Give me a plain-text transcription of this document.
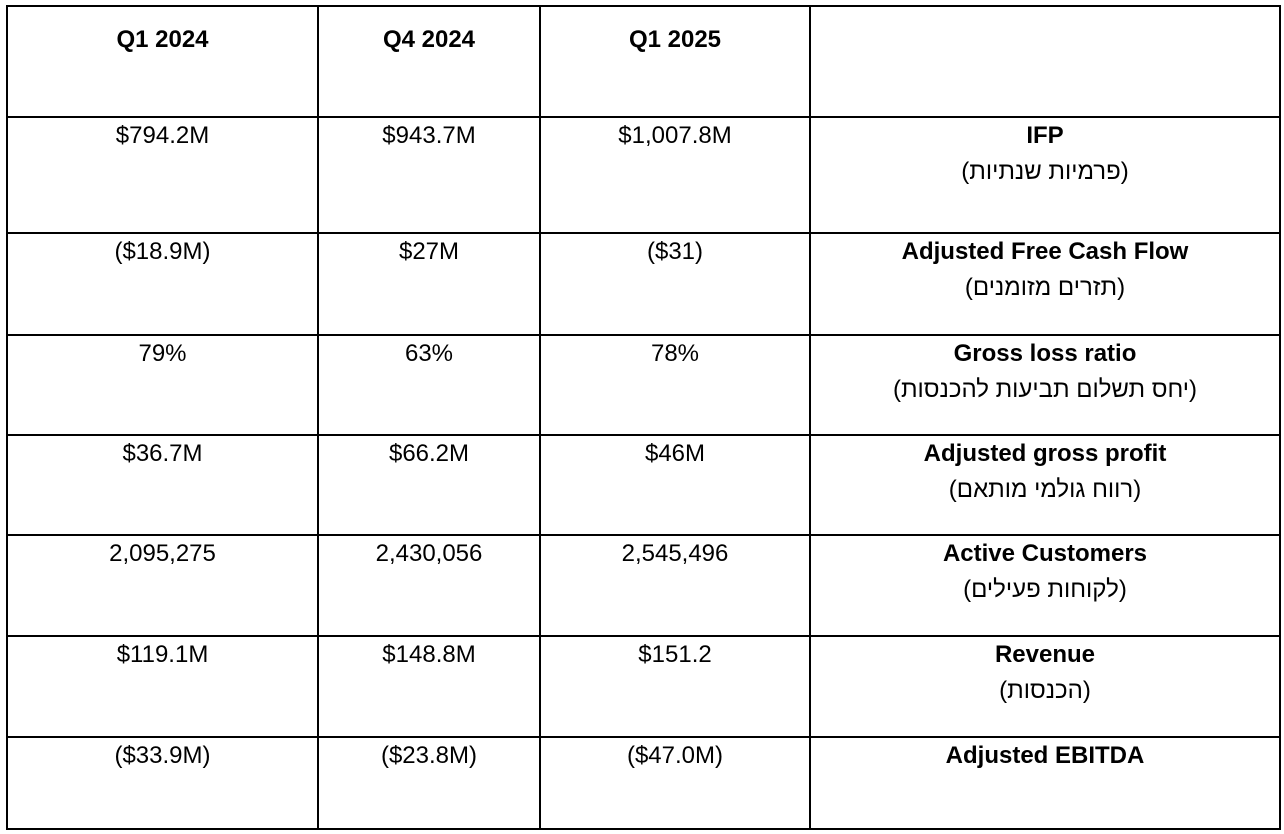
Q1 2024	Q4 2024	Q1 2025	
$794.2M	$943.7M	$1,007.8M	IFP
(פרמיות שנתיות)

($18.9M)	$27M	($31)	Adjusted Free Cash Flow
(תזרים מזומנים)

79%	63%	78%	Gross loss ratio
(יחס תשלום תביעות להכנסות)

$36.7M	$66.2M	$46M	Adjusted gross profit
(רווח גולמי מותאם)

2,095,275	2,430,056	2,545,496	Active Customers
(לקוחות פעילים)

$119.1M	$148.8M	$151.2	Revenue
(הכנסות)

($33.9M)	($23.8M)	($47.0M)	Adjusted EBITDA
